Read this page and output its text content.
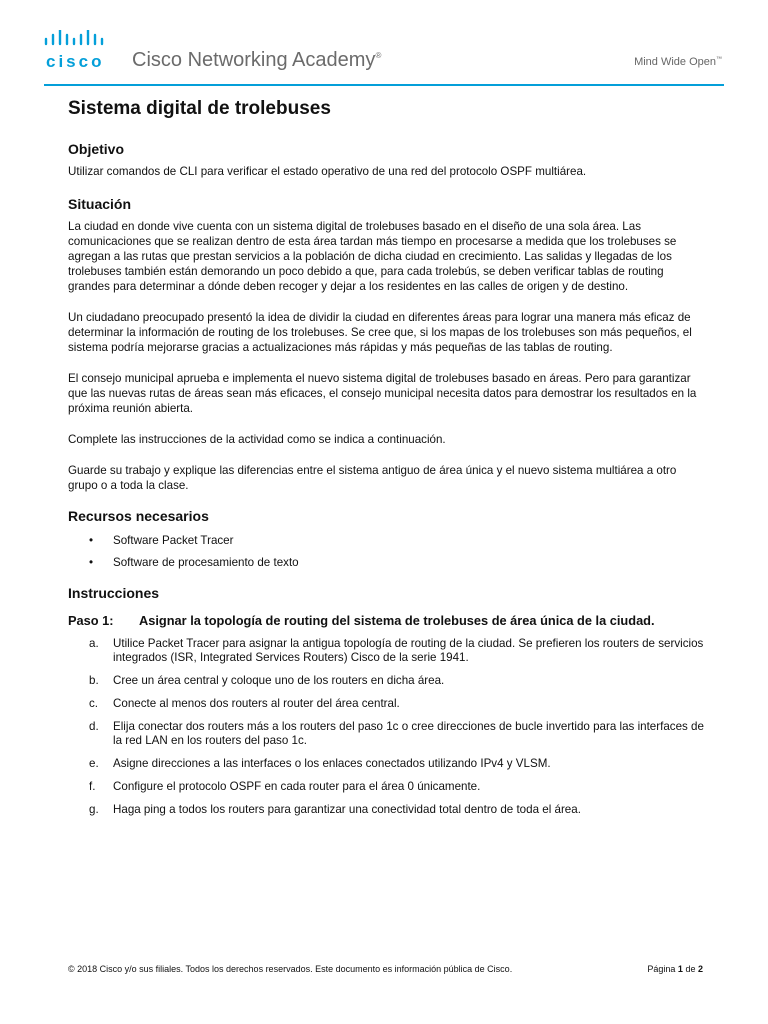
cisco Cisco Networking Academy®
Mind Wide Open™
Sistema digital de trolebuses
Objetivo

Utilizar comandos de CLI para verificar el estado operativo de una red del protocolo OSPF multiárea.

Situación

La ciudad en donde vive cuenta con un sistema digital de trolebuses basado en el diseño de una sola área. Las comunicaciones que se realizan dentro de esta área tardan más tiempo en procesarse a medida que los trolebuses se agregan a las rutas que prestan servicios a la población de dicha ciudad en crecimiento. Las salidas y llegadas de los trolebuses también están demorando un poco debido a que, para cada trolebús, se deben verificar tablas de routing grandes para determinar a dónde deben recoger y dejar a los residentes en las calles de origen y de destino.

Un ciudadano preocupado presentó la idea de dividir la ciudad en diferentes áreas para lograr una manera más eficaz de determinar la información de routing de los trolebuses. Se cree que, si los mapas de los trolebuses son más pequeños, el sistema podría mejorarse gracias a actualizaciones más rápidas y más pequeñas de las tablas de routing.

El consejo municipal aprueba e implementa el nuevo sistema digital de trolebuses basado en áreas. Pero para garantizar que las nuevas rutas de áreas sean más eficaces, el consejo municipal necesita datos para demostrar los resultados en la próxima reunión abierta.

Complete las instrucciones de la actividad como se indica a continuación.

Guarde su trabajo y explique las diferencias entre el sistema antiguo de área única y el nuevo sistema multiárea a otro grupo o a toda la clase.

Recursos necesarios
• Software Packet Tracer
• Software de procesamiento de texto
Instrucciones
Paso 1:	Asignar la topología de routing del sistema de trolebuses de área única de la ciudad.
a. Utilice Packet Tracer para asignar la antigua topología de routing de la ciudad. Se prefieren los routers de servicios integrados (ISR, Integrated Services Routers) Cisco de la serie 1941.
b. Cree un área central y coloque uno de los routers en dicha área.
c. Conecte al menos dos routers al router del área central.
d. Elija conectar dos routers más a los routers del paso 1c o cree direcciones de bucle invertido para las interfaces de la red LAN en los routers del paso 1c.
e. Asigne direcciones a las interfaces o los enlaces conectados utilizando IPv4 y VLSM.
f. Configure el protocolo OSPF en cada router para el área 0 únicamente.
g. Haga ping a todos los routers para garantizar una conectividad total dentro de toda el área.
© 2018 Cisco y/o sus filiales. Todos los derechos reservados. Este documento es información pública de Cisco.	Página 1 de 2
